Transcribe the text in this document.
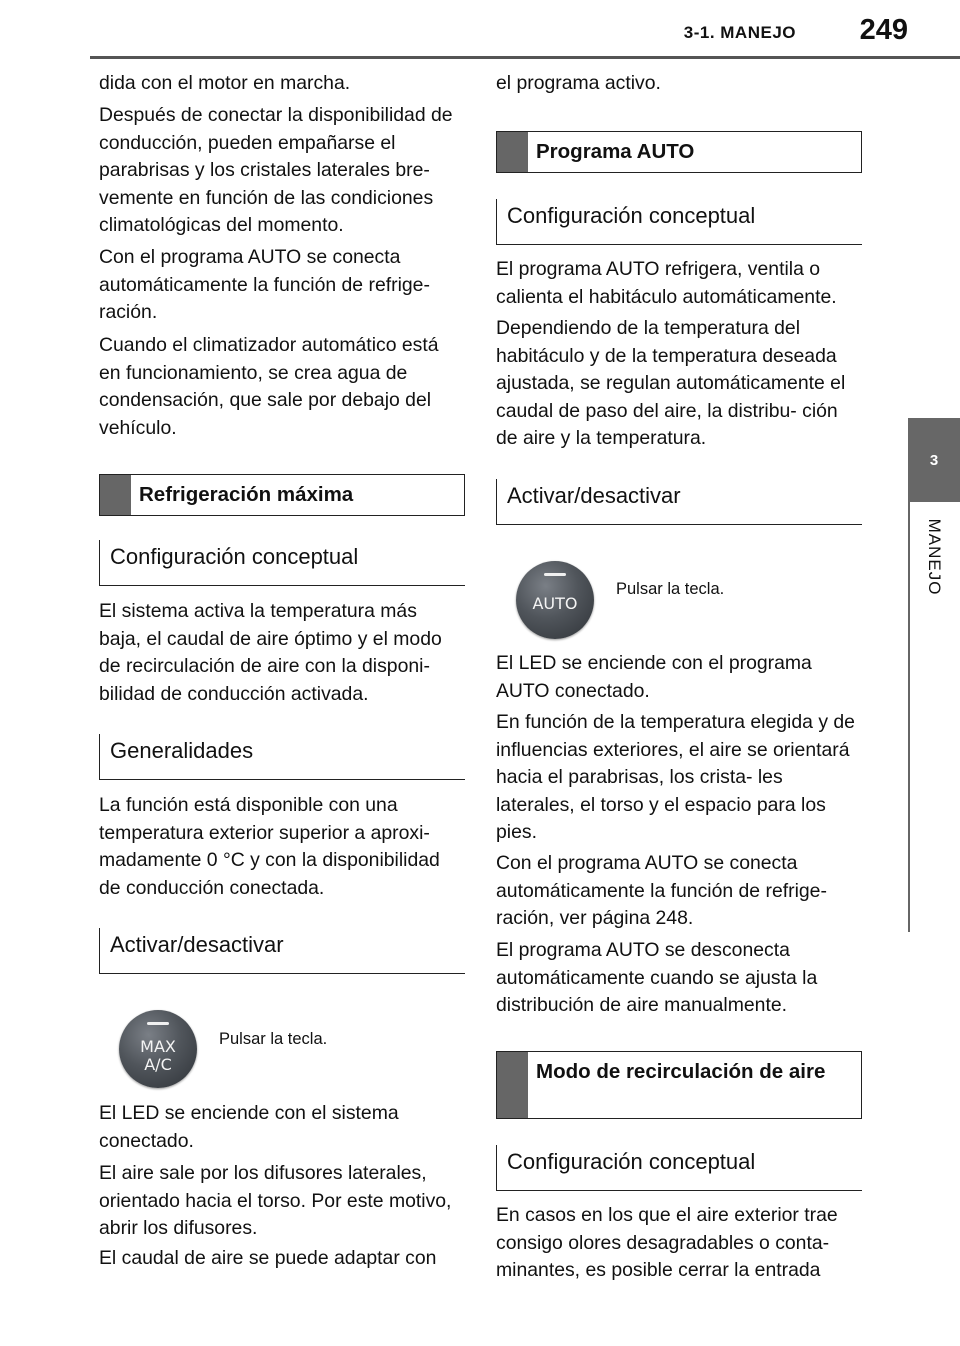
3-1. MANEJO	249
3
MANEJO

dida con el motor en marcha.

Después de conectar la disponibilidad de conducción, pueden empañarse el parabrisas y los cristales laterales bre- vemente en función de las condiciones climatológicas del momento.

Con el programa AUTO se conecta automáticamente la función de refrige- ración.

Cuando el climatizador automático está en funcionamiento, se crea agua de condensación, que sale por debajo del vehículo.

Refrigeración máxima
Configuración conceptual

El sistema activa la temperatura más baja, el caudal de aire óptimo y el modo de recirculación de aire con la disponi- bilidad de conducción activada.

Generalidades

La función está disponible con una temperatura exterior superior a aproxi- madamente 0 °C y con la disponibilidad de conducción conectada.

Activar/desactivar
MAX
A/C
Pulsar la tecla.

El LED se enciende con el sistema conectado.

El aire sale por los difusores laterales, orientado hacia el torso. Por este motivo, abrir los difusores.

El caudal de aire se puede adaptar con

el programa activo.

Programa AUTO
Configuración conceptual

El programa AUTO refrigera, ventila o calienta el habitáculo automáticamente.

Dependiendo de la temperatura del habitáculo y de la temperatura deseada ajustada, se regulan automáticamente el caudal de paso del aire, la distribu- ción de aire y la temperatura.

Activar/desactivar
AUTO
Pulsar la tecla.

El LED se enciende con el programa AUTO conectado.

En función de la temperatura elegida y de influencias exteriores, el aire se orientará hacia el parabrisas, los crista- les laterales, el torso y el espacio para los pies.

Con el programa AUTO se conecta automáticamente la función de refrige- ración, ver página 248.

El programa AUTO se desconecta automáticamente cuando se ajusta la distribución de aire manualmente.

Modo de recirculación de aire
Configuración conceptual

En casos en los que el aire exterior trae consigo olores desagradables o conta- minantes, es posible cerrar la entrada
